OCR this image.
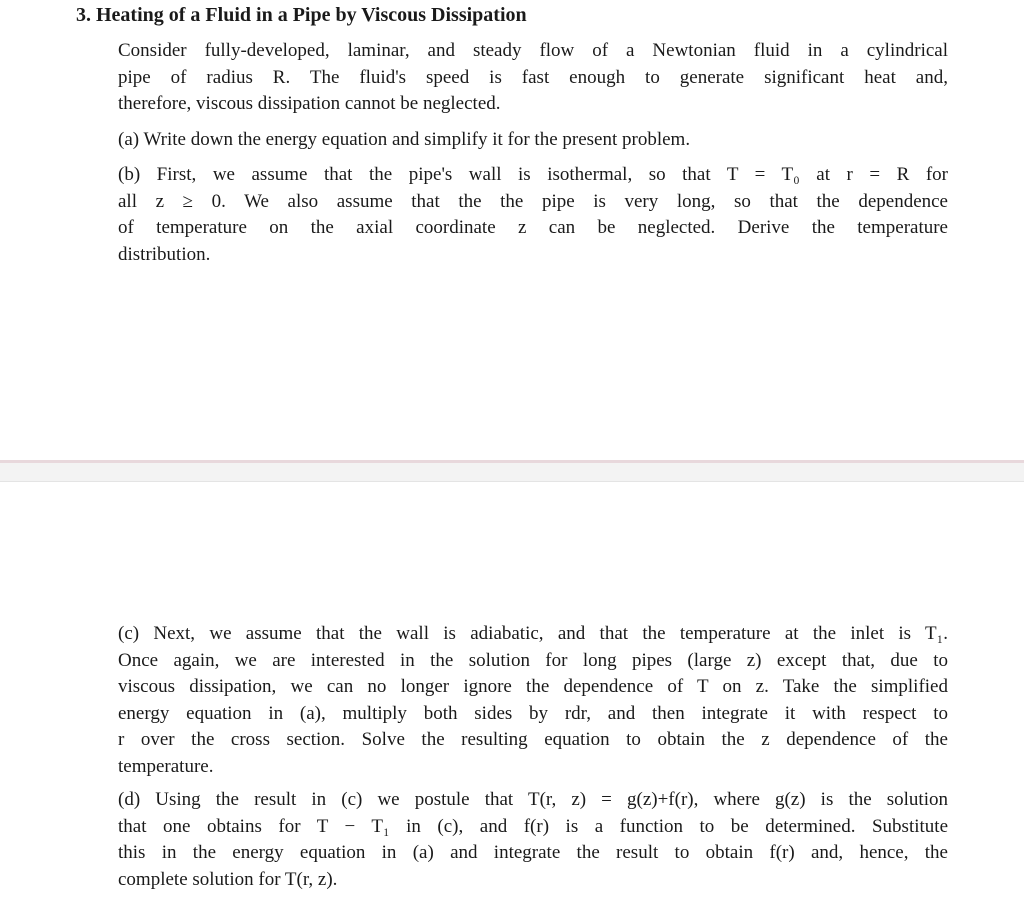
3. Heating of a Fluid in a Pipe by Viscous Dissipation
Consider fully-developed, laminar, and steady flow of a Newtonian fluid in a cylindrical
pipe of radius R. The fluid's speed is fast enough to generate significant heat and,
therefore, viscous dissipation cannot be neglected.
(a) Write down the energy equation and simplify it for the present problem.
(b) First, we assume that the pipe's wall is isothermal, so that T = T₀ at r = R for
all z ≥ 0. We also assume that the the pipe is very long, so that the dependence
of temperature on the axial coordinate z can be neglected. Derive the temperature
distribution.
(c) Next, we assume that the wall is adiabatic, and that the temperature at the inlet is T₁.
Once again, we are interested in the solution for long pipes (large z) except that, due to
viscous dissipation, we can no longer ignore the dependence of T on z. Take the simplified
energy equation in (a), multiply both sides by rdr, and then integrate it with respect to
r over the cross section. Solve the resulting equation to obtain the z dependence of the
temperature.
(d) Using the result in (c) we postule that T(r, z) = g(z)+f(r), where g(z) is the solution
that one obtains for T − T₁ in (c), and f(r) is a function to be determined. Substitute
this in the energy equation in (a) and integrate the result to obtain f(r) and, hence, the
complete solution for T(r, z).
